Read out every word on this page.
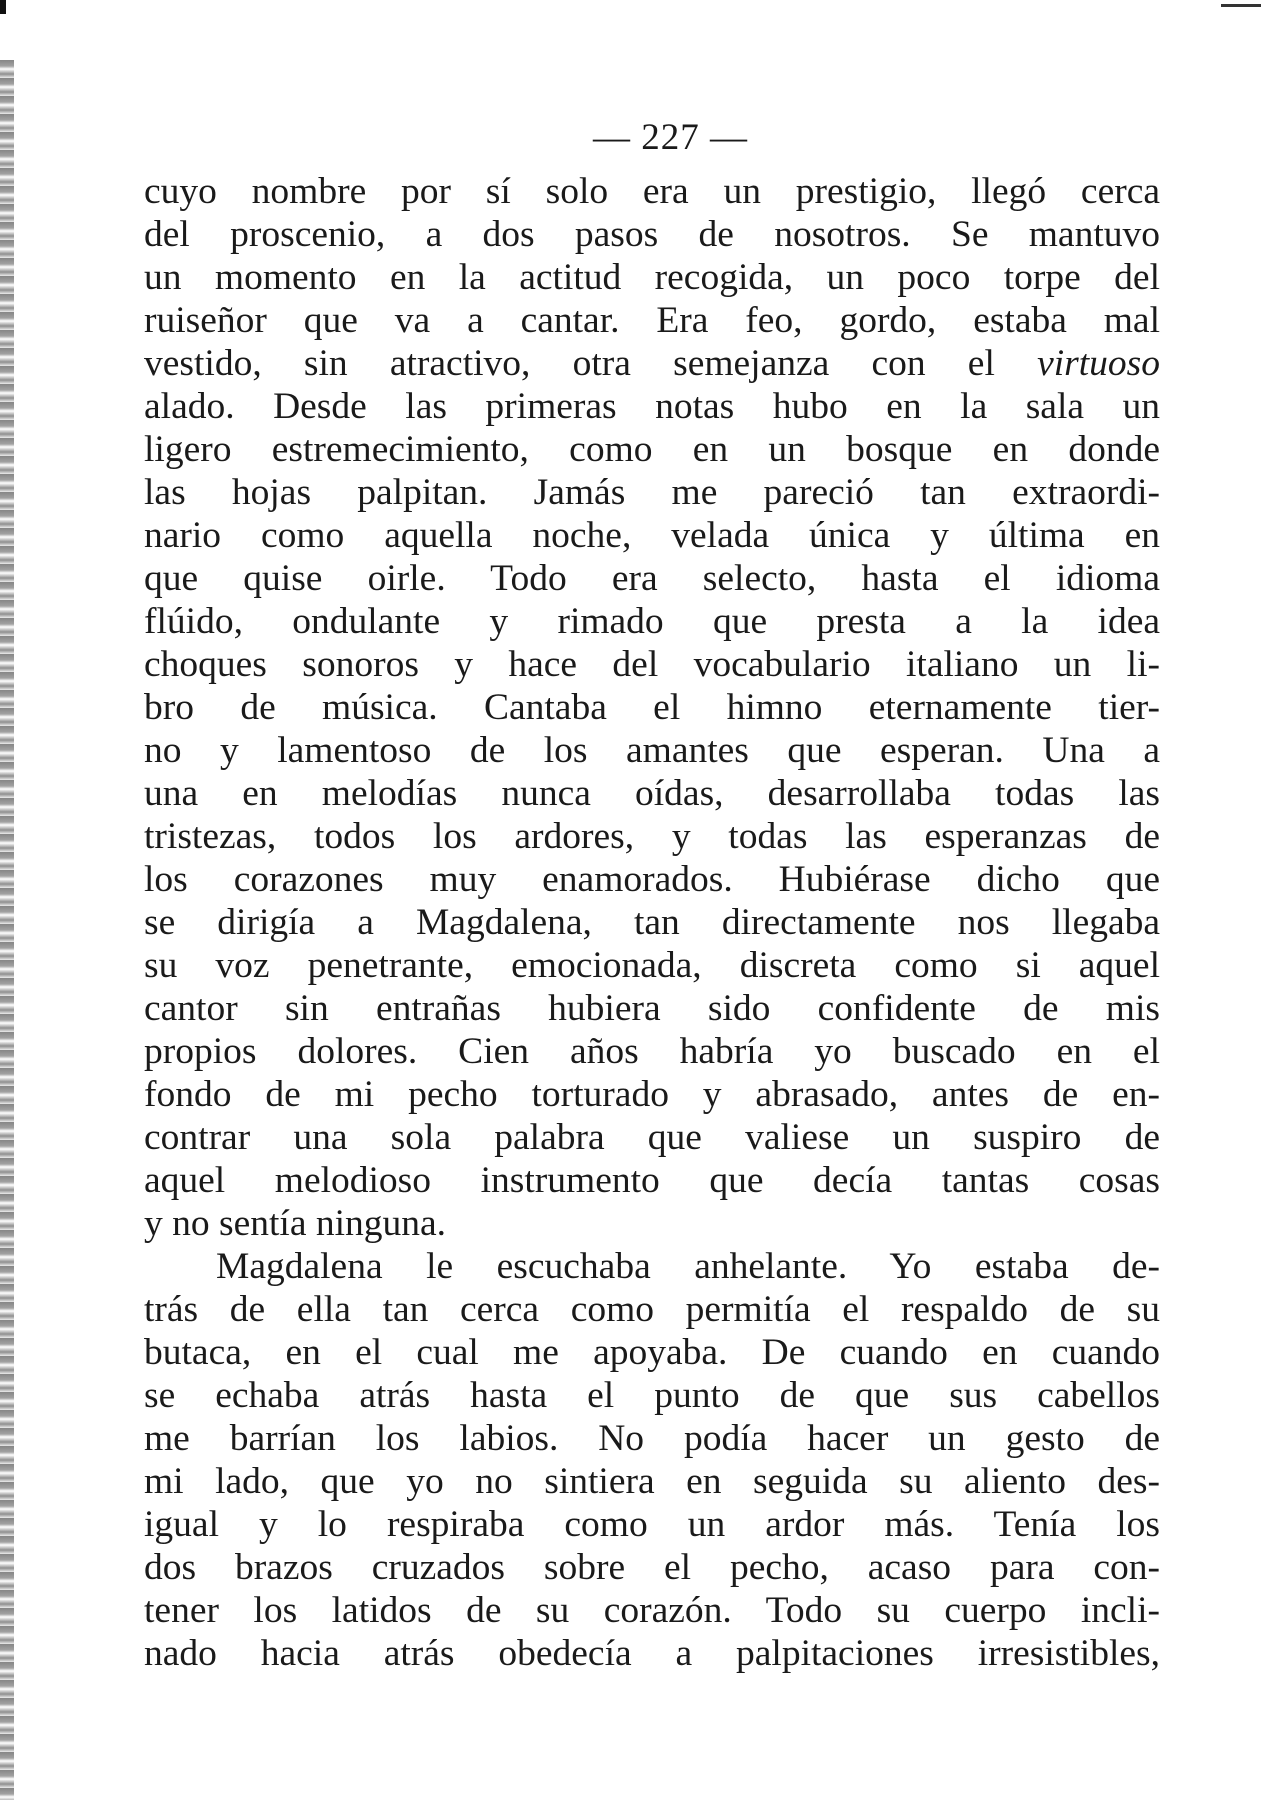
— 227 —
cuyo nombre por sí solo era un prestigio, llegó cerca
del proscenio, a dos pasos de nosotros. Se mantuvo
un momento en la actitud recogida, un poco torpe del
ruiseñor que va a cantar. Era feo, gordo, estaba mal
vestido, sin atractivo, otra semejanza con el virtuoso
alado. Desde las primeras notas hubo en la sala un
ligero estremecimiento, como en un bosque en donde
las hojas palpitan. Jamás me pareció tan extraordi-
nario como aquella noche, velada única y última en
que quise oirle. Todo era selecto, hasta el idioma
flúido, ondulante y rimado que presta a la idea
choques sonoros y hace del vocabulario italiano un li-
bro de música. Cantaba el himno eternamente tier-
no y lamentoso de los amantes que esperan. Una a
una en melodías nunca oídas, desarrollaba todas las
tristezas, todos los ardores, y todas las esperanzas de
los corazones muy enamorados. Hubiérase dicho que
se dirigía a Magdalena, tan directamente nos llegaba
su voz penetrante, emocionada, discreta como si aquel
cantor sin entrañas hubiera sido confidente de mis
propios dolores. Cien años habría yo buscado en el
fondo de mi pecho torturado y abrasado, antes de en-
contrar una sola palabra que valiese un suspiro de
aquel melodioso instrumento que decía tantas cosas
y no sentía ninguna.
Magdalena le escuchaba anhelante. Yo estaba de-
trás de ella tan cerca como permitía el respaldo de su
butaca, en el cual me apoyaba. De cuando en cuando
se echaba atrás hasta el punto de que sus cabellos
me barrían los labios. No podía hacer un gesto de
mi lado, que yo no sintiera en seguida su aliento des-
igual y lo respiraba como un ardor más. Tenía los
dos brazos cruzados sobre el pecho, acaso para con-
tener los latidos de su corazón. Todo su cuerpo incli-
nado hacia atrás obedecía a palpitaciones irresistibles,
